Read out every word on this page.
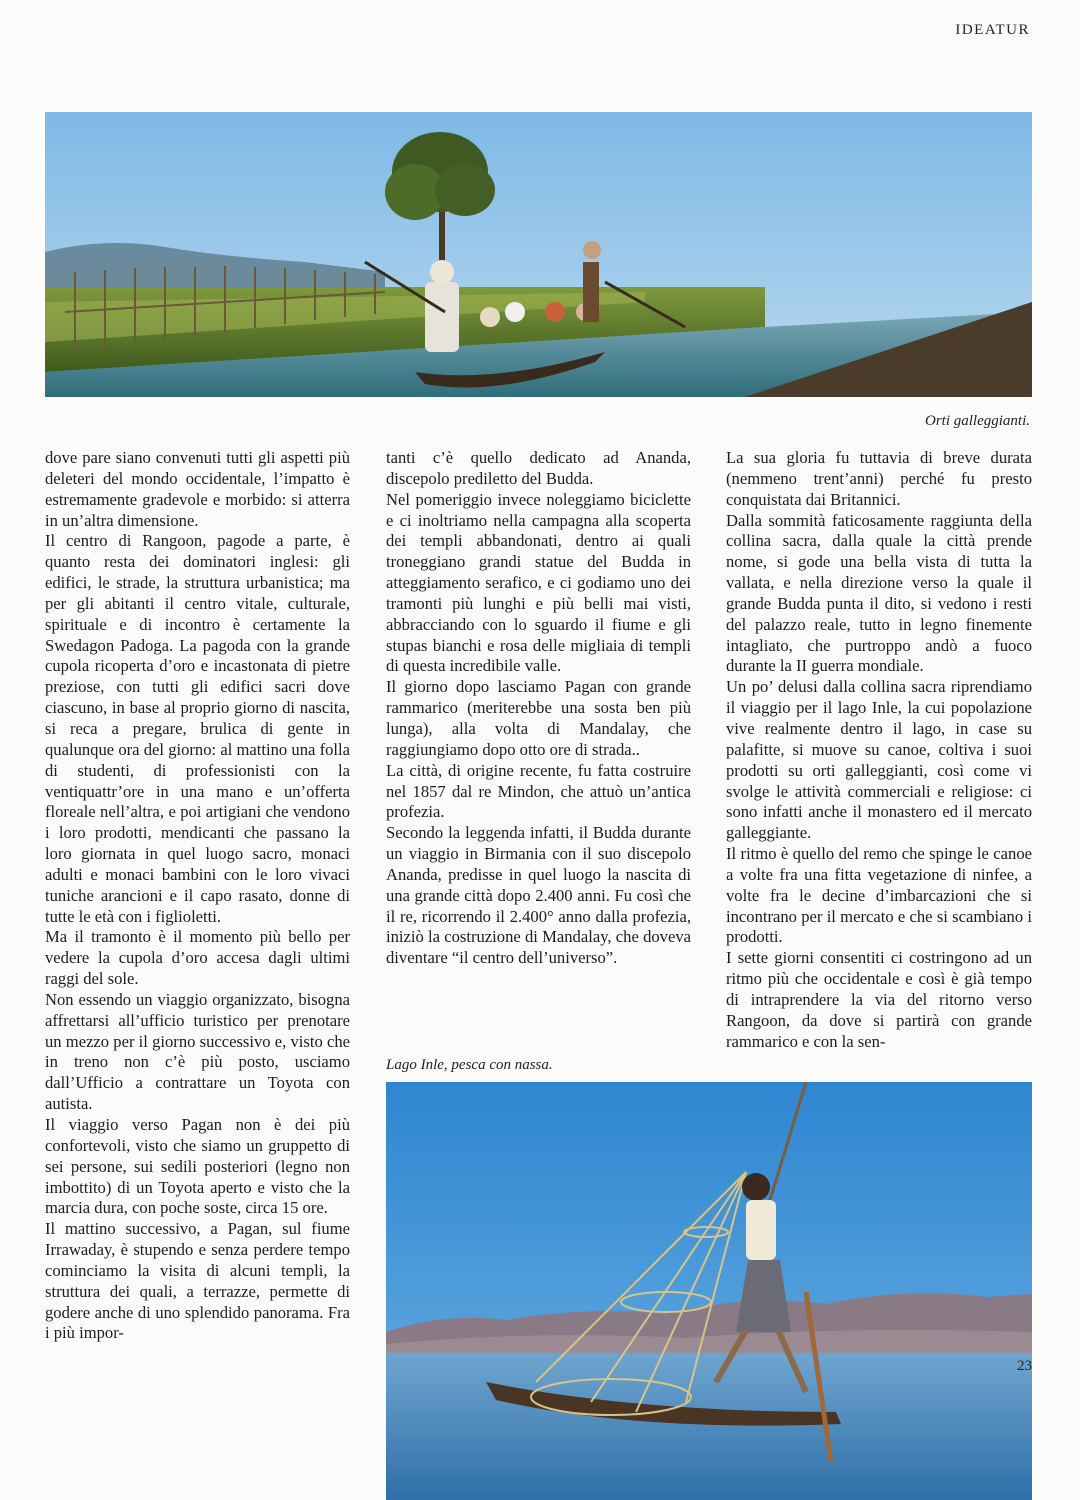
IDEATUR
Orti galleggianti.

dove pare siano convenuti tutti gli aspetti più deleteri del mondo occidentale, l’impatto è estremamente gradevole e morbido: si atterra in un’altra dimensione.

Il centro di Rangoon, pagode a parte, è quanto resta dei dominatori inglesi: gli edifici, le strade, la struttura urbanistica; ma per gli abitanti il centro vitale, culturale, spirituale e di incontro è certamente la Swedagon Padoga. La pagoda con la grande cupola ricoperta d’oro e incastonata di pietre preziose, con tutti gli edifici sacri dove ciascuno, in base al proprio giorno di nascita, si reca a pregare, brulica di gente in qualunque ora del giorno: al mattino una folla di studenti, di professionisti con la ventiquattr’ore in una mano e un’offerta floreale nell’altra, e poi artigiani che vendono i loro prodotti, mendicanti che passano la loro giornata in quel luogo sacro, monaci adulti e monaci bambini con le loro vivaci tuniche arancioni e il capo rasato, donne di tutte le età con i figlioletti.

Ma il tramonto è il momento più bello per vedere la cupola d’oro accesa dagli ultimi raggi del sole.

Non essendo un viaggio organizzato, bisogna affrettarsi all’ufficio turistico per prenotare un mezzo per il giorno successivo e, visto che in treno non c’è più posto, usciamo dall’Ufficio a contrattare un Toyota con autista.

Il viaggio verso Pagan non è dei più confortevoli, visto che siamo un gruppetto di sei persone, sui sedili posteriori (legno non imbottito) di un Toyota aperto e visto che la marcia dura, con poche soste, circa 15 ore.

Il mattino successivo, a Pagan, sul fiume Irrawaday, è stupendo e senza perdere tempo cominciamo la visita di alcuni templi, la struttura dei quali, a terrazze, permette di godere anche di uno splendido panorama. Fra i più impor-

tanti c’è quello dedicato ad Ananda, discepolo prediletto del Budda.

Nel pomeriggio invece noleggiamo biciclette e ci inoltriamo nella campagna alla scoperta dei templi abbandonati, dentro ai quali troneggiano grandi statue del Budda in atteggiamento serafico, e ci godiamo uno dei tramonti più lunghi e più belli mai visti, abbracciando con lo sguardo il fiume e gli stupas bianchi e rosa delle migliaia di templi di questa incredibile valle.

Il giorno dopo lasciamo Pagan con grande rammarico (meriterebbe una sosta ben più lunga), alla volta di Mandalay, che raggiungiamo dopo otto ore di strada..

La città, di origine recente, fu fatta costruire nel 1857 dal re Mindon, che attuò un’antica profezia.

Secondo la leggenda infatti, il Budda durante un viaggio in Birmania con il suo discepolo Ananda, predisse in quel luogo la nascita di una grande città dopo 2.400 anni. Fu così che il re, ricorrendo il 2.400° anno dalla profezia, iniziò la costruzione di Mandalay, che doveva diventare “il centro dell’universo”.

La sua gloria fu tuttavia di breve durata (nemmeno trent’anni) perché fu presto conquistata dai Britannici.

Dalla sommità faticosamente raggiunta della collina sacra, dalla quale la città prende nome, si gode una bella vista di tutta la vallata, e nella direzione verso la quale il grande Budda punta il dito, si vedono i resti del palazzo reale, tutto in legno finemente intagliato, che purtroppo andò a fuoco durante la II guerra mondiale.

Un po’ delusi dalla collina sacra riprendiamo il viaggio per il lago Inle, la cui popolazione vive realmente dentro il lago, in case su palafitte, si muove su canoe, coltiva i suoi prodotti su orti galleggianti, così come vi svolge le attività commerciali e religiose: ci sono infatti anche il monastero ed il mercato galleggiante.

Il ritmo è quello del remo che spinge le canoe a volte fra una fitta vegetazione di ninfee, a volte fra le decine d’imbarcazioni che si incontrano per il mercato e che si scambiano i prodotti.

I sette giorni consentiti ci costringono ad un ritmo più che occidentale e così è già tempo di intraprendere la via del ritorno verso Rangoon, da dove si partirà con grande rammarico e con la sen-

Lago Inle, pesca con nassa.
23
